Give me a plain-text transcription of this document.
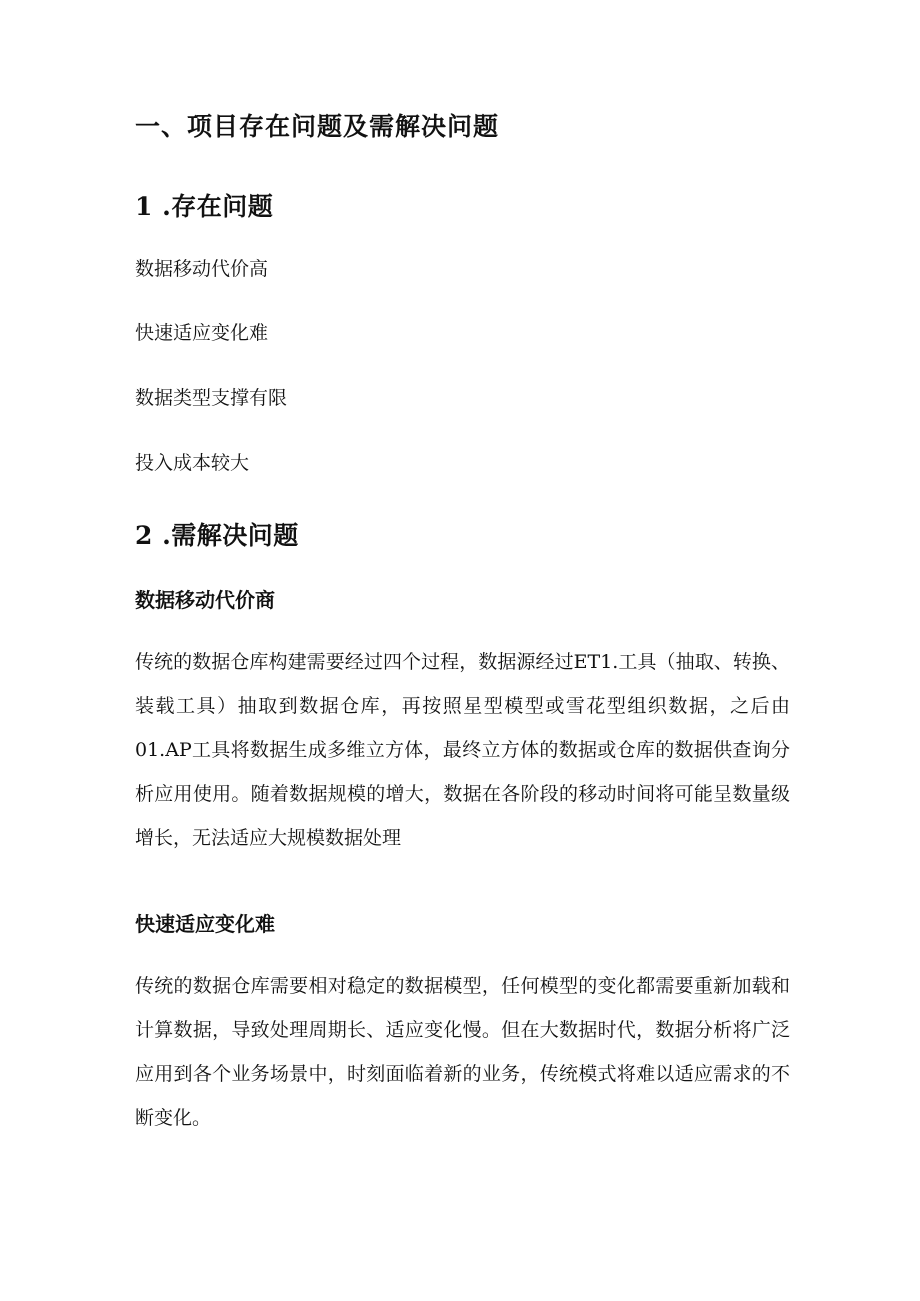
一、项目存在问题及需解决问题
1 .存在问题

数据移动代价高

快速适应变化难

数据类型支撑有限

投入成本较大

2 .需解决问题
数据移动代价商

传统的数据仓库构建需要经过四个过程，数据源经过ET1.工具（抽取、转换、装载工具）抽取到数据仓库，再按照星型模型或雪花型组织数据，之后由01.AP工具将数据生成多维立方体，最终立方体的数据或仓库的数据供查询分析应用使用。随着数据规模的增大，数据在各阶段的移动时间将可能呈数量级增长，无法适应大规模数据处理

快速适应变化难

传统的数据仓库需要相对稳定的数据模型，任何模型的变化都需要重新加载和计算数据，导致处理周期长、适应变化慢。但在大数据时代，数据分析将广泛应用到各个业务场景中，时刻面临着新的业务，传统模式将难以适应需求的不断变化。
